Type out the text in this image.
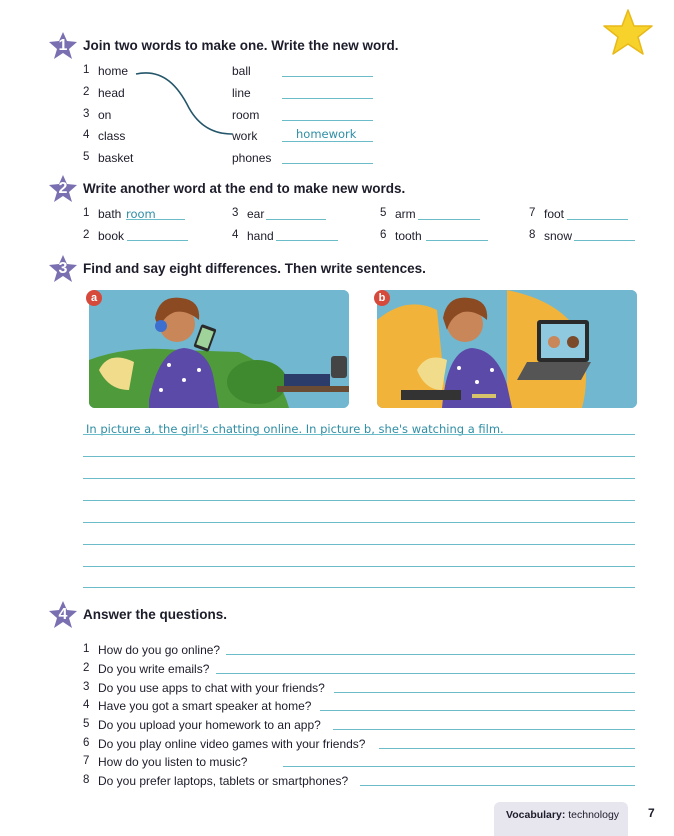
1	Join two words to make one. Write the new word.
1 home
2 head
3 on
4 class
5 basket
ball
line
room
work
phones
homework
2	Write another word at the end to make new words.
1 bath room	3 ear	5 arm	7 foot
2 book	4 hand	6 tooth	8 snow
3	Find and say eight differences. Then write sentences.
a	b
In picture a, the girl's chatting online. In picture b, she's watching a film.
4	Answer the questions.
1 How do you go online?
2 Do you write emails?
3 Do you use apps to chat with your friends?
4 Have you got a smart speaker at home?
5 Do you upload your homework to an app?
6 Do you play online video games with your friends?
7 How do you listen to music?
8 Do you prefer laptops, tablets or smartphones?
Vocabulary: technology 7
